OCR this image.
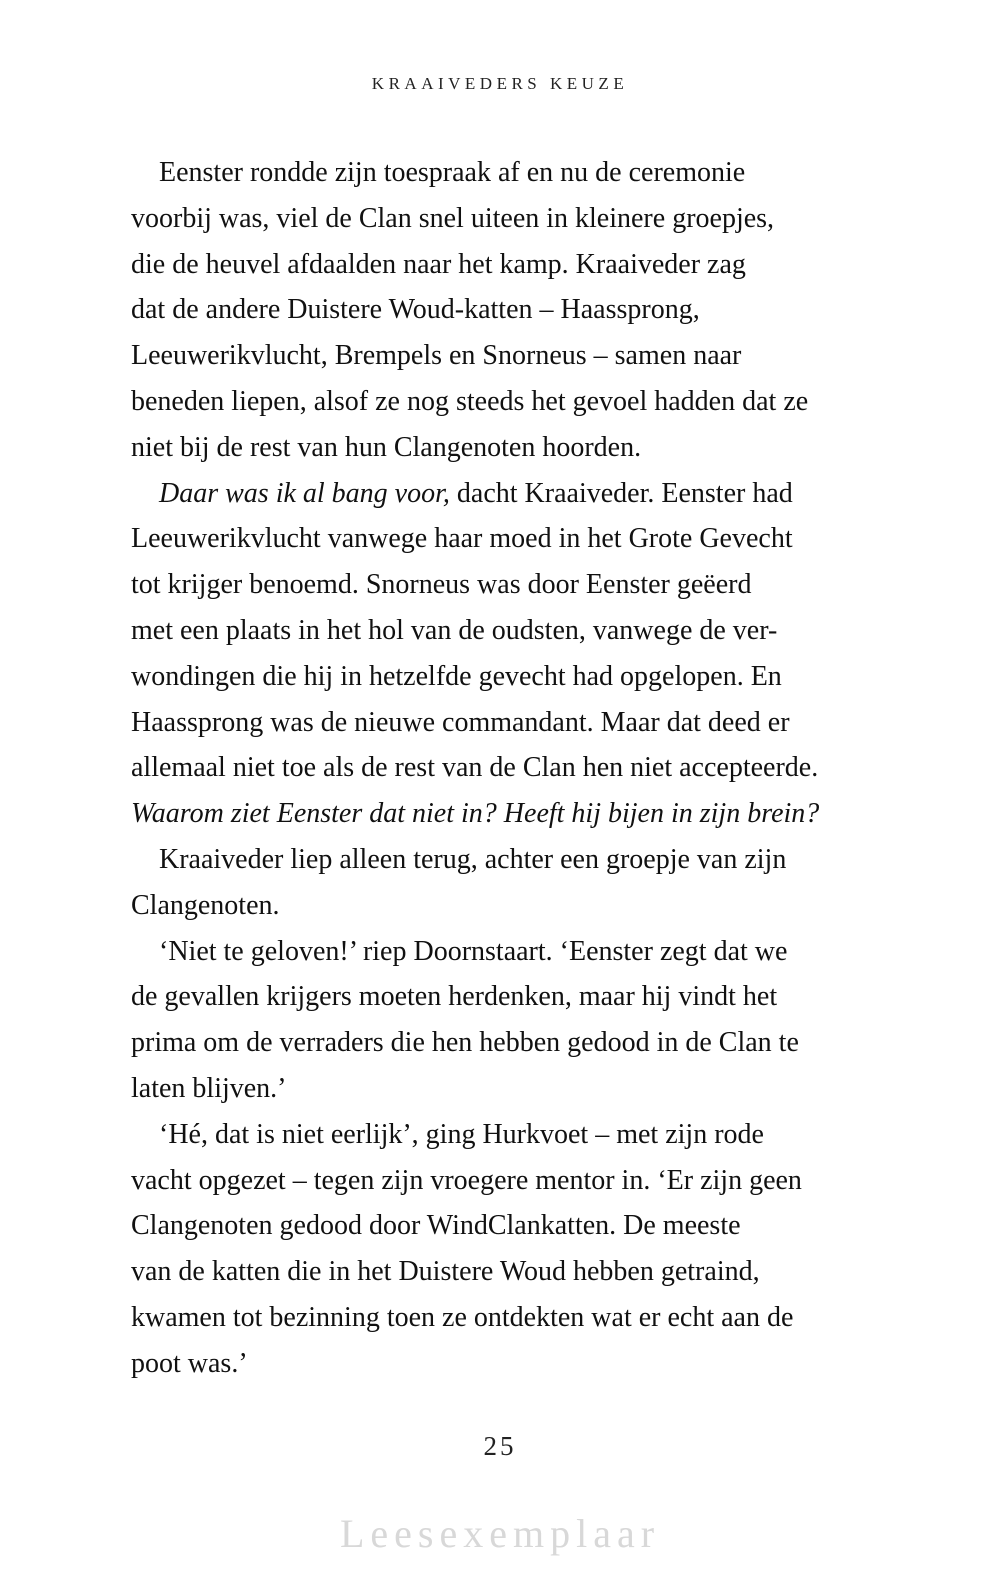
Leesexemplaar
KRAAIVEDERS KEUZE
Eenster rondde zijn toespraak af en nu de ceremonie
voorbij was, viel de Clan snel uiteen in kleinere groepjes,
die de heuvel afdaalden naar het kamp. Kraaiveder zag
dat de andere Duistere Woud-katten – Haassprong,
Leeuwerikvlucht, Brempels en Snorneus – samen naar
beneden liepen, alsof ze nog steeds het gevoel hadden dat ze
niet bij de rest van hun Clangenoten hoorden.
Daar was ik al bang voor, dacht Kraaiveder. Eenster had
Leeuwerikvlucht vanwege haar moed in het Grote Gevecht
tot krijger benoemd. Snorneus was door Eenster geëerd
met een plaats in het hol van de oudsten, vanwege de ver-
wondingen die hij in hetzelfde gevecht had opgelopen. En
Haassprong was de nieuwe commandant. Maar dat deed er
allemaal niet toe als de rest van de Clan hen niet accepteerde.
Waarom ziet Eenster dat niet in? Heeft hij bijen in zijn brein?
Kraaiveder liep alleen terug, achter een groepje van zijn
Clangenoten.
‘Niet te geloven!’ riep Doornstaart. ‘Eenster zegt dat we
de gevallen krijgers moeten herdenken, maar hij vindt het
prima om de verraders die hen hebben gedood in de Clan te
laten blijven.’
‘Hé, dat is niet eerlijk’, ging Hurkvoet – met zijn rode
vacht opgezet – tegen zijn vroegere mentor in. ‘Er zijn geen
Clangenoten gedood door WindClankatten. De meeste
van de katten die in het Duistere Woud hebben getraind,
kwamen tot bezinning toen ze ontdekten wat er echt aan de
poot was.’
25
